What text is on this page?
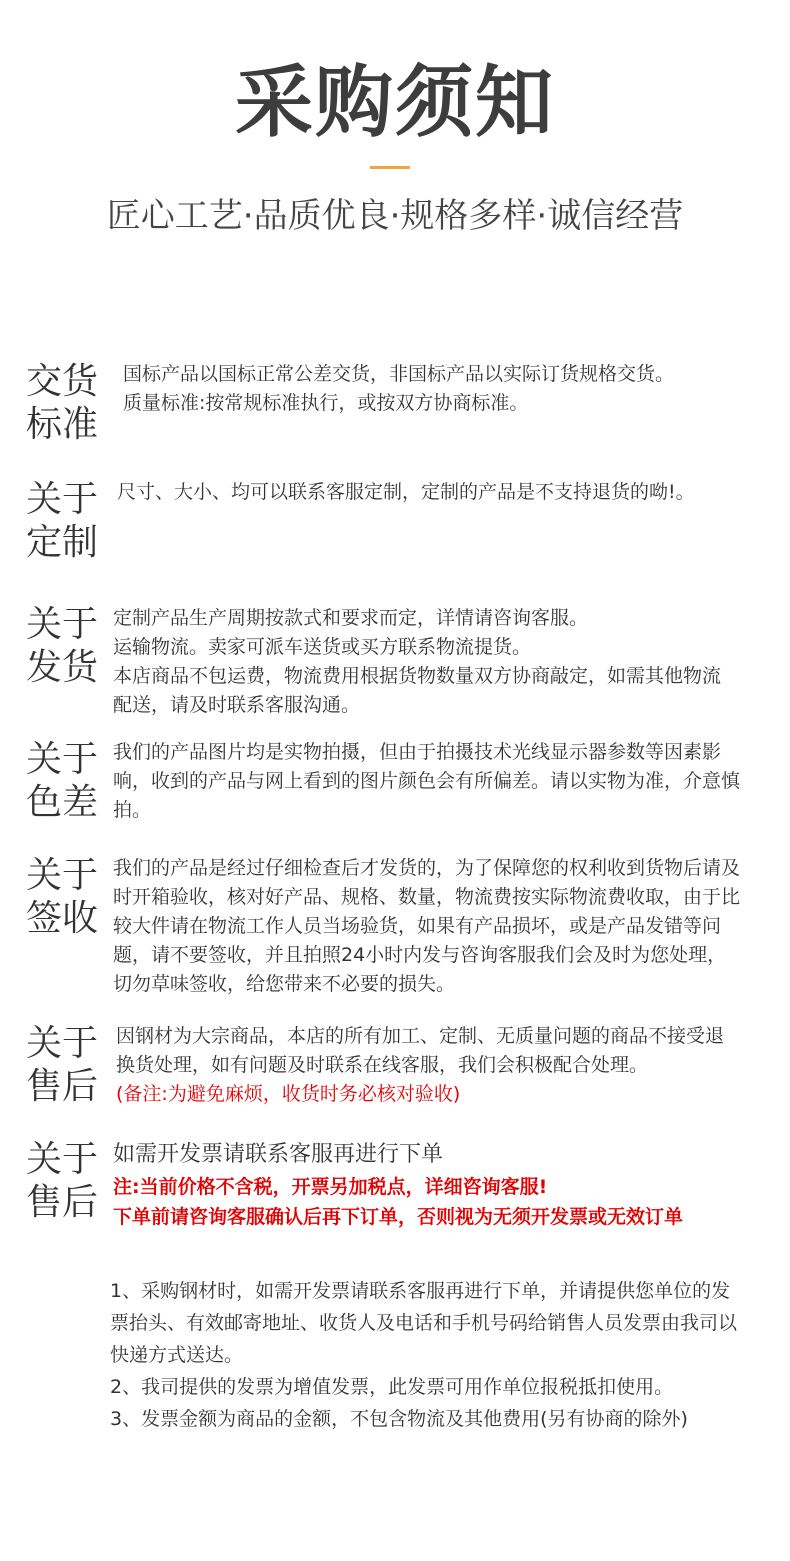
采购须知
匠心工艺·品质优良·规格多样·诚信经营
交货标准

国标产品以国标正常公差交货，非国标产品以实际订货规格交货。

质量标准:按常规标准执行，或按双方协商标准。

关于定制

尺寸、大小、均可以联系客服定制，定制的产品是不支持退货的呦!。

关于发货

定制产品生产周期按款式和要求而定，详情请咨询客服。

运输物流。卖家可派车送货或买方联系物流提货。

本店商品不包运费，物流费用根据货物数量双方协商敲定，如需其他物流配送，请及时联系客服沟通。

关于色差

我们的产品图片均是实物拍摄，但由于拍摄技术光线显示器参数等因素影响，收到的产品与网上看到的图片颜色会有所偏差。请以实物为准，介意慎拍。

关于签收

我们的产品是经过仔细检查后才发货的，为了保障您的权利收到货物后请及时开箱验收，核对好产品、规格、数量，物流费按实际物流费收取，由于比较大件请在物流工作人员当场验货，如果有产品损坏，或是产品发错等问题，请不要签收，并且拍照24小时内发与咨询客服我们会及时为您处理，切勿草味签收，给您带来不必要的损失。

关于售后

因钢材为大宗商品，本店的所有加工、定制、无质量问题的商品不接受退换货处理，如有问题及时联系在线客服，我们会积极配合处理。

(备注:为避免麻烦，收货时务必核对验收)

关于售后

如需开发票请联系客服再进行下单

注:当前价格不含税，开票另加税点，详细咨询客服!

下单前请咨询客服确认后再下订单，否则视为无须开发票或无效订单

1、采购钢材时，如需开发票请联系客服再进行下单，并请提供您单位的发票抬头、有效邮寄地址、收货人及电话和手机号码给销售人员发票由我司以快递方式送达。

2、我司提供的发票为增值发票，此发票可用作单位报税抵扣使用。

3、发票金额为商品的金额，不包含物流及其他费用(另有协商的除外)
